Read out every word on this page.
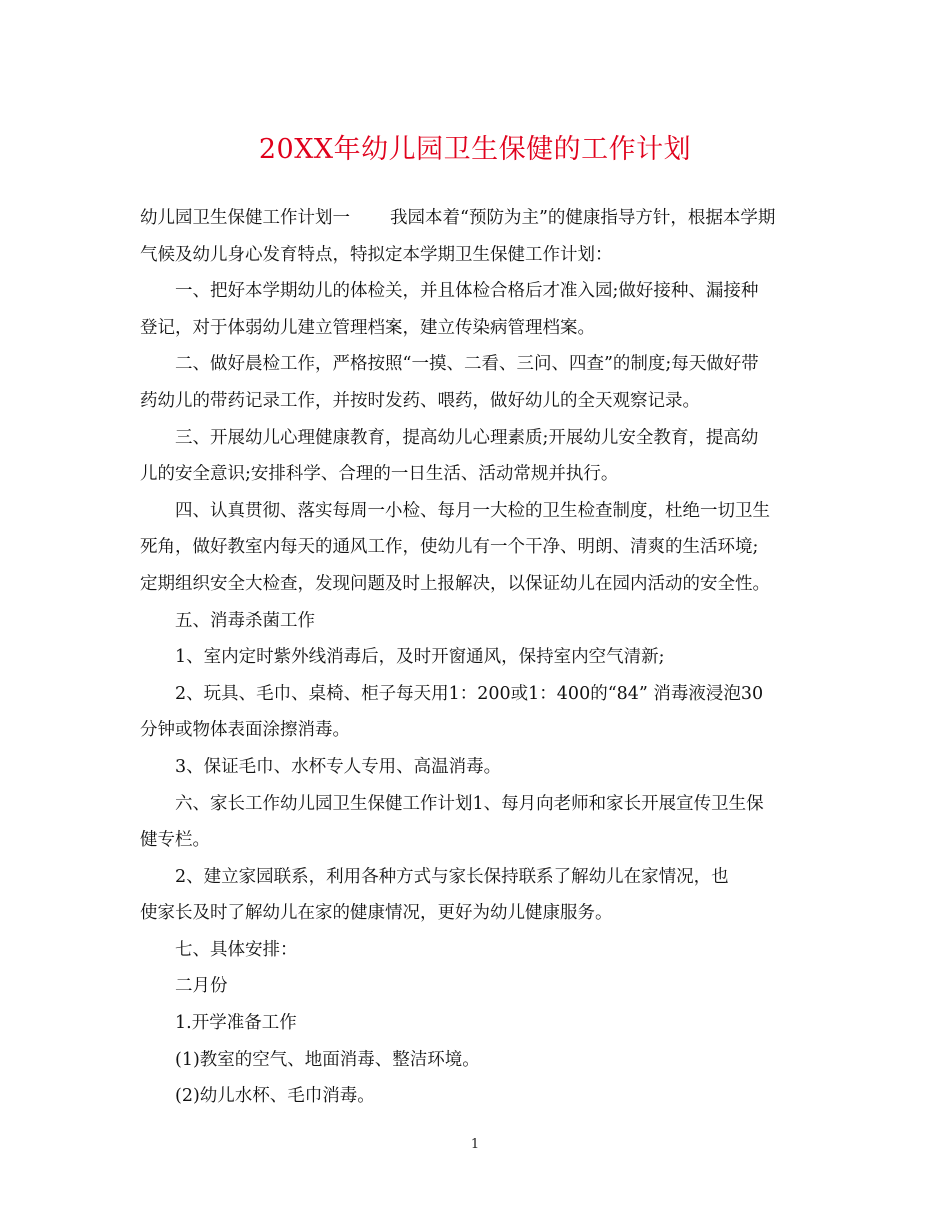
20XX年幼儿园卫生保健的工作计划
幼儿园卫生保健工作计划一 我园本着“预防为主”的健康指导方针，根据本学期
气候及幼儿身心发育特点，特拟定本学期卫生保健工作计划：
一、把好本学期幼儿的体检关，并且体检合格后才准入园;做好接种、漏接种
登记，对于体弱幼儿建立管理档案，建立传染病管理档案。
二、做好晨检工作，严格按照“一摸、二看、三问、四查”的制度;每天做好带
药幼儿的带药记录工作，并按时发药、喂药，做好幼儿的全天观察记录。
三、开展幼儿心理健康教育，提高幼儿心理素质;开展幼儿安全教育，提高幼
儿的安全意识;安排科学、合理的一日生活、活动常规并执行。
四、认真贯彻、落实每周一小检、每月一大检的卫生检查制度，杜绝一切卫生
死角，做好教室内每天的通风工作，使幼儿有一个干净、明朗、清爽的生活环境;
定期组织安全大检查，发现问题及时上报解决，以保证幼儿在园内活动的安全性。
五、消毒杀菌工作
1、室内定时紫外线消毒后，及时开窗通风，保持室内空气清新;
2、玩具、毛巾、桌椅、柜子每天用1：200或1：400的“84” 消毒液浸泡30
分钟或物体表面涂擦消毒。
3、保证毛巾、水杯专人专用、高温消毒。
六、家长工作幼儿园卫生保健工作计划1、每月向老师和家长开展宣传卫生保
健专栏。
2、建立家园联系，利用各种方式与家长保持联系了解幼儿在家情况，也
使家长及时了解幼儿在家的健康情况，更好为幼儿健康服务。
七、具体安排：
二月份
1.开学准备工作
(1)教室的空气、地面消毒、整洁环境。
(2)幼儿水杯、毛巾消毒。
1
